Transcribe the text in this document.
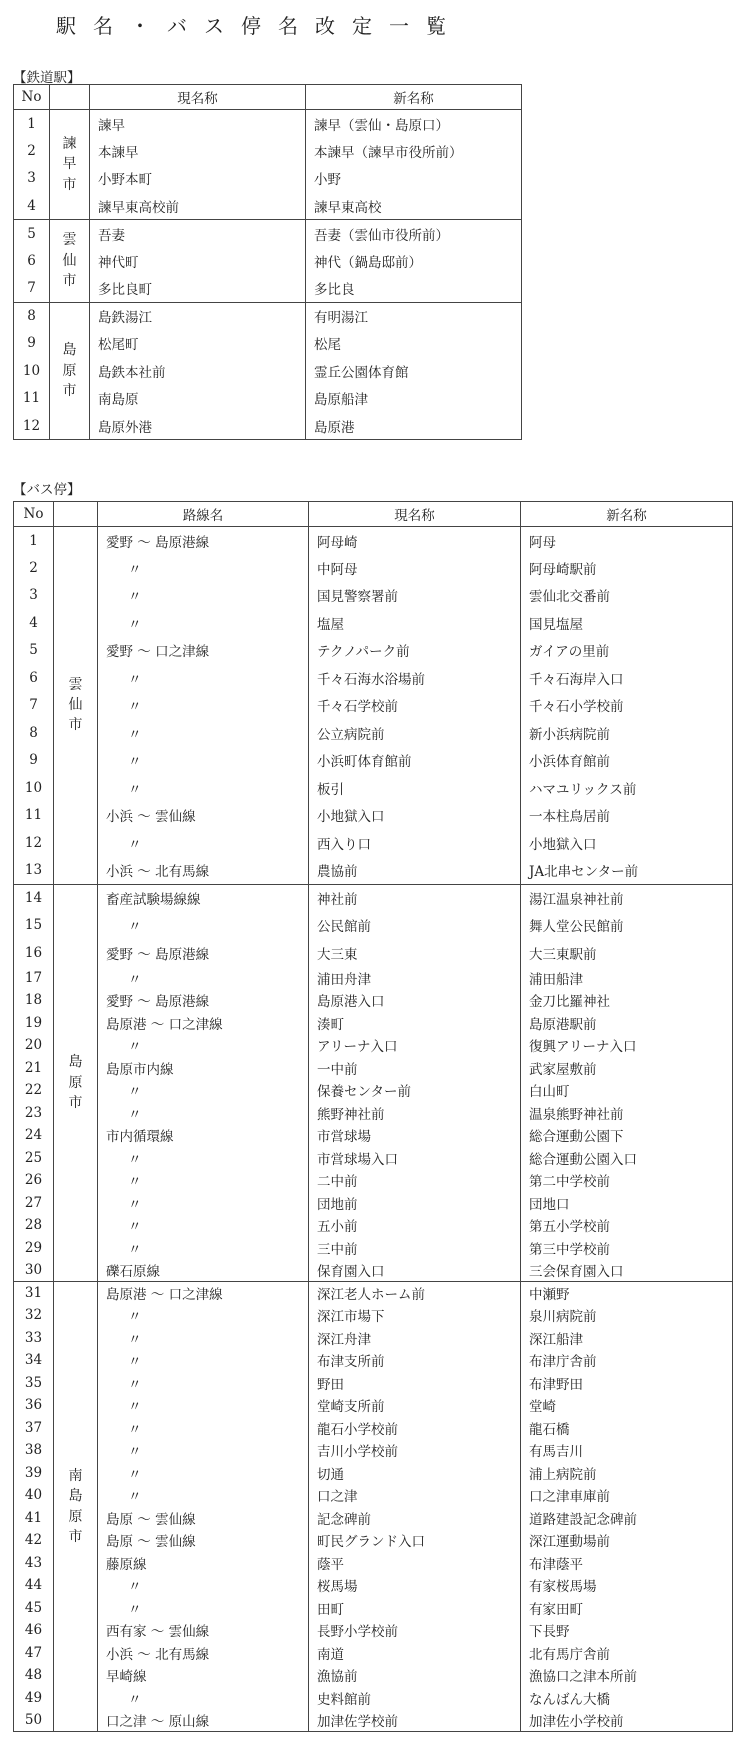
駅名・バス停名改定一覧
【鉄道駅】
No		現名称	新名称
1	諫早市	諫早	諫早（雲仙・島原口）
2		本諫早	本諫早（諫早市役所前）
3		小野本町	小野
4		諫早東高校前	諫早東高校
5	雲仙市	吾妻	吾妻（雲仙市役所前）
6		神代町	神代（鍋島邸前）
7		多比良町	多比良
8	島原市	島鉄湯江	有明湯江
9		松尾町	松尾
10		島鉄本社前	霊丘公園体育館
11		南島原	島原船津
12		島原外港	島原港
【バス停】
No		路線名	現名称	新名称
1	雲仙市	愛野 ～ 島原港線	阿母崎	阿母
2		〃	中阿母	阿母崎駅前
3		〃	国見警察署前	雲仙北交番前
4		〃	塩屋	国見塩屋
5		愛野 ～ 口之津線	テクノパーク前	ガイアの里前
6		〃	千々石海水浴場前	千々石海岸入口
7		〃	千々石学校前	千々石小学校前
8		〃	公立病院前	新小浜病院前
9		〃	小浜町体育館前	小浜体育館前
10		〃	板引	ハマユリックス前
11		小浜 ～ 雲仙線	小地獄入口	一本柱鳥居前
12		〃	西入り口	小地獄入口
13		小浜 ～ 北有馬線	農協前	JA北串センター前
14	島原市	畜産試験場線線	神社前	湯江温泉神社前
15		〃	公民館前	舞人堂公民館前
16		愛野 ～ 島原港線	大三東	大三東駅前
17		〃	浦田舟津	浦田船津
18		愛野 ～ 島原港線	島原港入口	金刀比羅神社
19		島原港 ～ 口之津線	湊町	島原港駅前
20		〃	アリーナ入口	復興アリーナ入口
21		島原市内線	一中前	武家屋敷前
22		〃	保養センター前	白山町
23		〃	熊野神社前	温泉熊野神社前
24		市内循環線	市営球場	総合運動公園下
25		〃	市営球場入口	総合運動公園入口
26		〃	二中前	第二中学校前
27		〃	団地前	団地口
28		〃	五小前	第五小学校前
29		〃	三中前	第三中学校前
30		礫石原線	保育園入口	三会保育園入口
31	南島原市	島原港 ～ 口之津線	深江老人ホーム前	中瀬野
32		〃	深江市場下	泉川病院前
33		〃	深江舟津	深江船津
34		〃	布津支所前	布津庁舎前
35		〃	野田	布津野田
36		〃	堂崎支所前	堂崎
37		〃	龍石小学校前	龍石橋
38		〃	吉川小学校前	有馬吉川
39		〃	切通	浦上病院前
40		〃	口之津	口之津車庫前
41		島原 ～ 雲仙線	記念碑前	道路建設記念碑前
42		島原 ～ 雲仙線	町民グランド入口	深江運動場前
43		藤原線	蔭平	布津蔭平
44		〃	桜馬場	有家桜馬場
45		〃	田町	有家田町
46		西有家 ～ 雲仙線	長野小学校前	下長野
47		小浜 ～ 北有馬線	南道	北有馬庁舎前
48		早崎線	漁協前	漁協口之津本所前
49		〃	史料館前	なんばん大橋
50		口之津 ～ 原山線	加津佐学校前	加津佐小学校前
